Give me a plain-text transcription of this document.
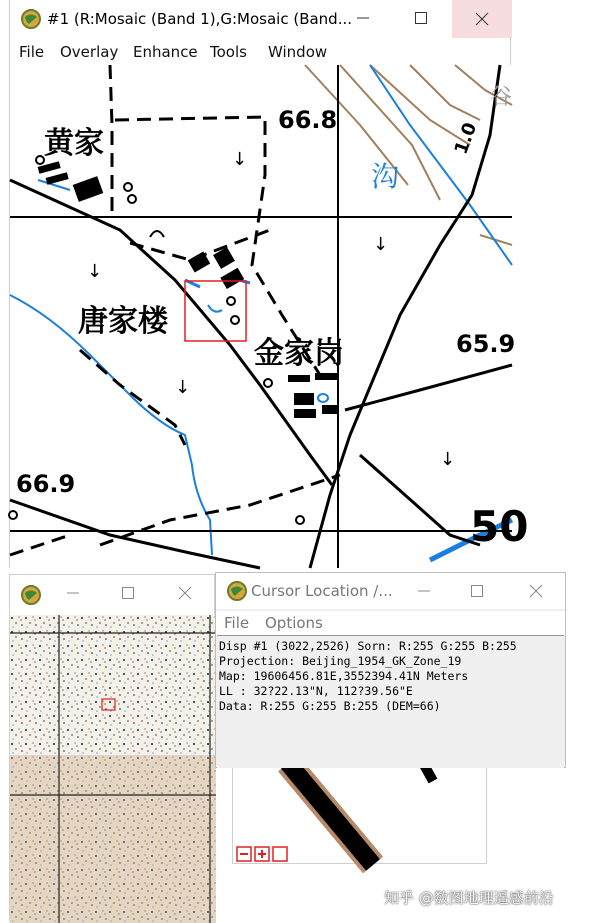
#1 (R:Mosaic (Band 1),G:Mosaic (Band...
File Overlay Enhance Tools Window
↓
↓
↓
↓
↓
黄家
唐家楼
金家岗
沟
谷
66.8
65.9
66.9
50
1.0
Cursor Location /...
File Options
Disp #1 (3022,2526) Sorn: R:255 G:255 B:255
Projection: Beijing_1954_GK_Zone_19
Map: 19606456.81E,3552394.41N Meters
LL : 32?22.13"N, 112?39.56"E
Data: R:255 G:255 B:255 (DEM=66)
知乎 @数图地理遥感前沿
